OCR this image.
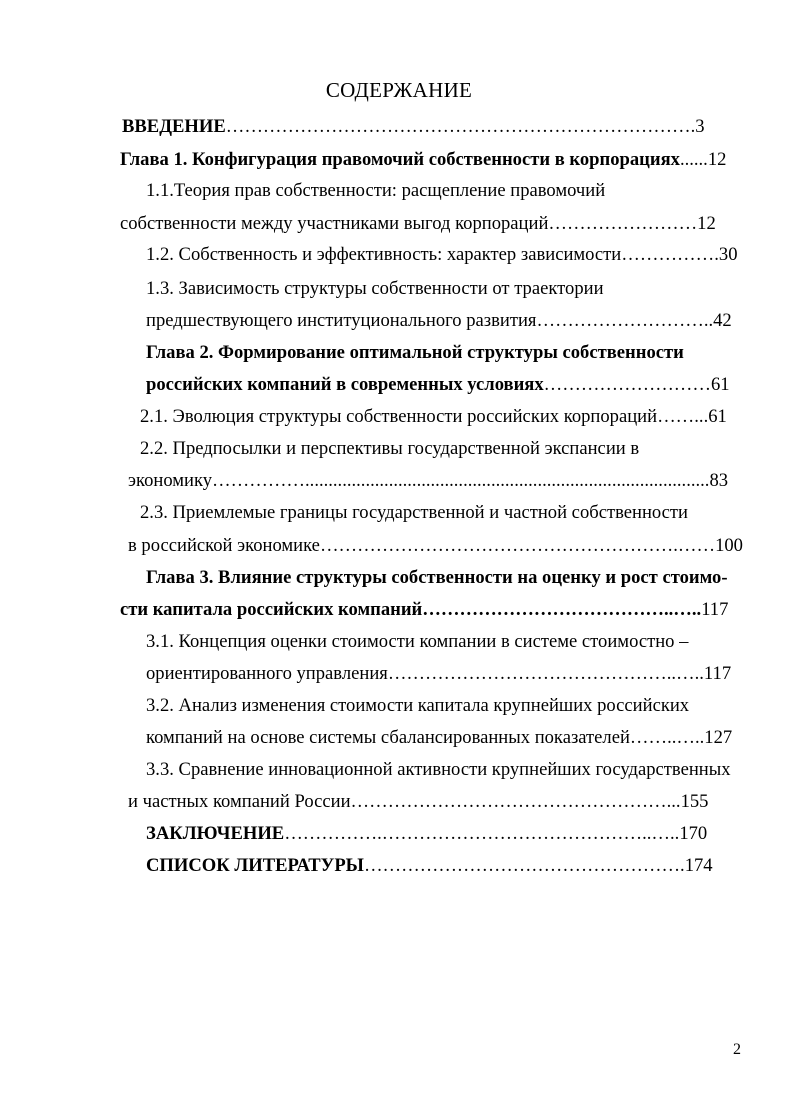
СОДЕРЖАНИЕ
ВВЕДЕНИЕ………………………………………………………………….3
Глава 1. Конфигурация правомочий собственности в корпорациях......12
1.1.Теория прав собственности: расщепление правомочий
собственности между участниками выгод корпораций……………………12
1.2. Собственность и эффективность: характер зависимости…………….30
1.3. Зависимость структуры собственности от траектории
предшествующего институционального развития………………………..42
Глава 2. Формирование оптимальной структуры собственности
российских компаний в современных условиях………………………61
2.1. Эволюция структуры собственности российских корпораций……...61
2.2. Предпосылки и перспективы государственной экспансии в
экономику…………….......................................................................................83
2.3. Приемлемые границы государственной и частной собственности
в российской экономике………………………………………………….……100
Глава 3. Влияние структуры собственности на оценку и рост стоимо-
сти капитала российских компаний…………………………………..…..117
3.1. Концепция оценки стоимости компании в системе стоимостно –
ориентированного управления………………………………………..…..117
3.2. Анализ изменения стоимости капитала крупнейших российских
компаний на основе системы сбалансированных показателей……..…..127
3.3. Сравнение инновационной активности крупнейших государственных
и частных компаний России……………………………………………...155
ЗАКЛЮЧЕНИЕ…………….……………………………………..…..170
СПИСОК ЛИТЕРАТУРЫ…………………………………………….174
2
